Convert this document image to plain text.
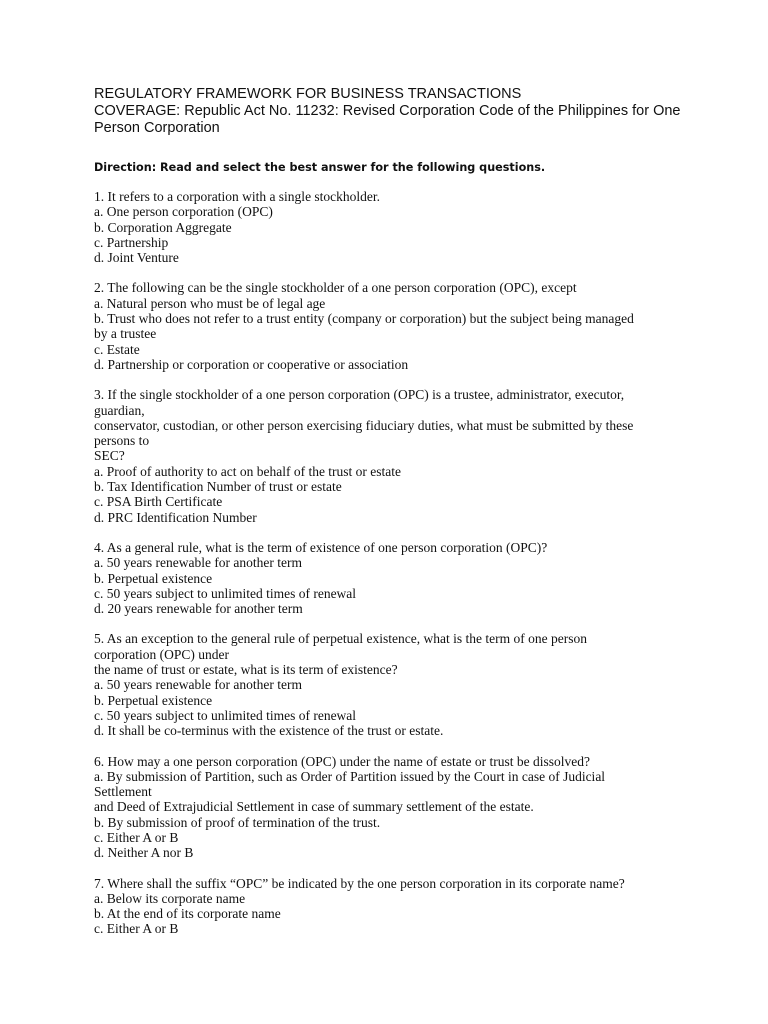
REGULATORY FRAMEWORK FOR BUSINESS TRANSACTIONS
COVERAGE: Republic Act No. 11232: Revised Corporation Code of the Philippines for One
Person Corporation
Direction: Read and select the best answer for the following questions.
1. It refers to a corporation with a single stockholder.
a. One person corporation (OPC)
b. Corporation Aggregate
c. Partnership
d. Joint Venture
2. The following can be the single stockholder of a one person corporation (OPC), except
a. Natural person who must be of legal age
b. Trust who does not refer to a trust entity (company or corporation) but the subject being managed
by a trustee
c. Estate
d. Partnership or corporation or cooperative or association
3. If the single stockholder of a one person corporation (OPC) is a trustee, administrator, executor,
guardian,
conservator, custodian, or other person exercising fiduciary duties, what must be submitted by these
persons to
SEC?
a. Proof of authority to act on behalf of the trust or estate
b. Tax Identification Number of trust or estate
c. PSA Birth Certificate
d. PRC Identification Number
4. As a general rule, what is the term of existence of one person corporation (OPC)?
a. 50 years renewable for another term
b. Perpetual existence
c. 50 years subject to unlimited times of renewal
d. 20 years renewable for another term
5. As an exception to the general rule of perpetual existence, what is the term of one person
corporation (OPC) under
the name of trust or estate, what is its term of existence?
a. 50 years renewable for another term
b. Perpetual existence
c. 50 years subject to unlimited times of renewal
d. It shall be co-terminus with the existence of the trust or estate.
6. How may a one person corporation (OPC) under the name of estate or trust be dissolved?
a. By submission of Partition, such as Order of Partition issued by the Court in case of Judicial
Settlement
and Deed of Extrajudicial Settlement in case of summary settlement of the estate.
b. By submission of proof of termination of the trust.
c. Either A or B
d. Neither A nor B
7. Where shall the suffix “OPC” be indicated by the one person corporation in its corporate name?
a. Below its corporate name
b. At the end of its corporate name
c. Either A or B
